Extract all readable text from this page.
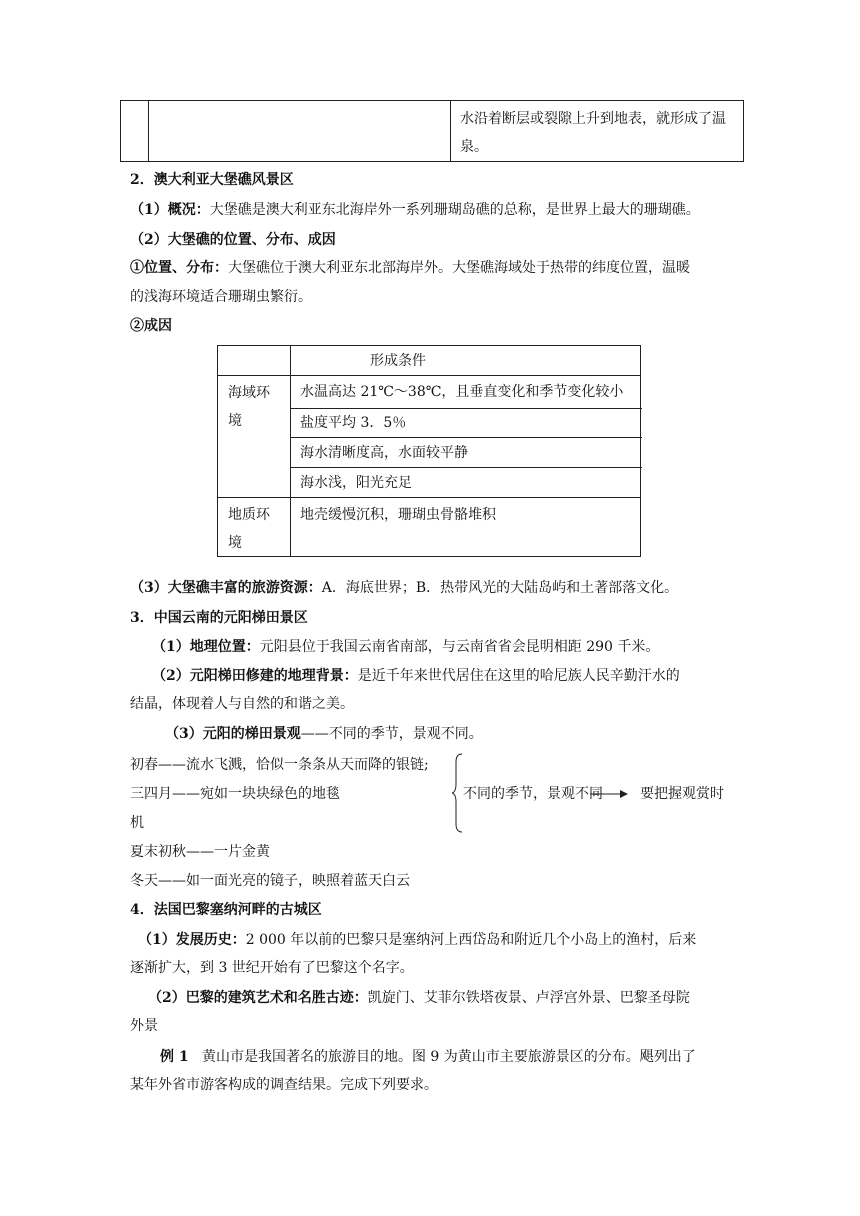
水沿着断层或裂隙上升到地表，就形成了温泉。
2．澳大利亚大堡礁风景区
（1）概况：大堡礁是澳大利亚东北海岸外一系列珊瑚岛礁的总称，是世界上最大的珊瑚礁。
（2）大堡礁的位置、分布、成因
①位置、分布：大堡礁位于澳大利亚东北部海岸外。大堡礁海域处于热带的纬度位置，温暖
的浅海环境适合珊瑚虫繁衍。
②成因
形成条件
海域环
境
水温高达 21℃～38℃，且垂直变化和季节变化较小
盐度平均 3．5％
海水清晰度高，水面较平静
海水浅，阳光充足
地质环
境
地壳缓慢沉积，珊瑚虫骨骼堆积
（3）大堡礁丰富的旅游资源：A．海底世界；B．热带风光的大陆岛屿和土著部落文化。
3．中国云南的元阳梯田景区
（1）地理位置：元阳县位于我国云南省南部，与云南省省会昆明相距 290 千米。
（2）元阳梯田修建的地理背景：是近千年来世代居住在这里的哈尼族人民辛勤汗水的
结晶，体现着人与自然的和谐之美。
（3）元阳的梯田景观——不同的季节，景观不同。
初春——流水飞溅，恰似一条条从天而降的银链;
三四月——宛如一块块绿色的地毯
机
夏末初秋——一片金黄
冬天——如一面光亮的镜子，映照着蓝天白云
不同的季节，景观不同	要把握观赏时
4．法国巴黎塞纳河畔的古城区
（1）发展历史：2 000 年以前的巴黎只是塞纳河上西岱岛和附近几个小岛上的渔村，后来
逐渐扩大，到 3 世纪开始有了巴黎这个名字。
（2）巴黎的建筑艺术和名胜古迹：凯旋门、艾菲尔铁塔夜景、卢浮宫外景、巴黎圣母院
外景
例 1 黄山市是我国著名的旅游目的地。图 9 为黄山市主要旅游景区的分布。飓列出了
某年外省市游客构成的调查结果。完成下列要求。
